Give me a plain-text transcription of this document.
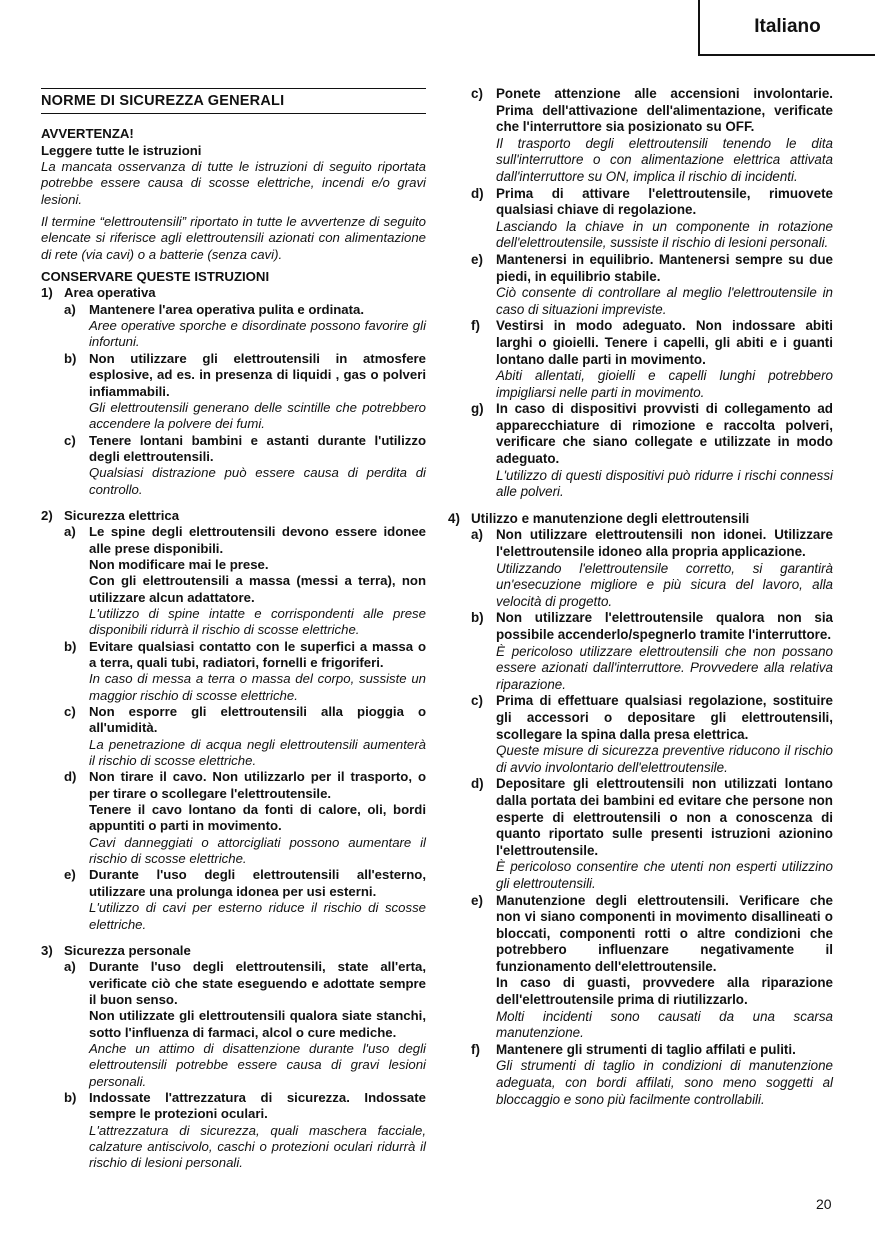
Italiano
NORME DI SICUREZZA GENERALI

AVVERTENZA!

Leggere tutte le istruzioni

La mancata osservanza di tutte le istruzioni di seguito riportata potrebbe essere causa di scosse elettriche, incendi e/o gravi lesioni.

Il termine “elettroutensili” riportato in tutte le avvertenze di seguito elencate si riferisce agli elettroutensili azionati con alimentazione di rete (via cavi) o a batterie (senza cavi).

CONSERVARE QUESTE ISTRUZIONI

1) Area operativa
a)	Mantenere l'area operativa pulita e ordinata.

Aree operative sporche e disordinate possono favorire gli infortuni.

b) Non utilizzare gli elettroutensili in atmosfere esplosive, ad es. in presenza di liquidi , gas o polveri infiammabili.

Gli elettroutensili generano delle scintille che potrebbero accendere la polvere dei fumi.

c)	Tenere lontani bambini e astanti durante l'utilizzo degli elettroutensili.

Qualsiasi distrazione può essere causa di perdita di controllo.

2) Sicurezza elettrica
a)	Le spine degli elettroutensili devono essere idonee alle prese disponibili.

Non modificare mai le prese.

Con gli elettroutensili a massa (messi a terra), non utilizzare alcun adattatore.

L'utilizzo di spine intatte e corrispondenti alle prese disponibili ridurrà il rischio di scosse elettriche.

b) Evitare qualsiasi contatto con le superfici a massa o a terra, quali tubi, radiatori, fornelli e frigoriferi.

In caso di messa a terra o massa del corpo, sussiste un maggior rischio di scosse elettriche.

c)	Non esporre gli elettroutensili alla pioggia o all'umidità.

La penetrazione di acqua negli elettroutensili aumenterà il rischio di scosse elettriche.

d) Non tirare il cavo. Non utilizzarlo per il trasporto, o per tirare o scollegare l'elettroutensile.

Tenere il cavo lontano da fonti di calore, oli, bordi appuntiti o parti in movimento.

Cavi danneggiati o attorcigliati possono aumentare il rischio di scosse elettriche.

e)	Durante l'uso degli elettroutensili all'esterno, utilizzare una prolunga idonea per usi esterni.

L'utilizzo di cavi per esterno riduce il rischio di scosse elettriche.

3) Sicurezza personale
a)	Durante l'uso degli elettroutensili, state all'erta, verificate ciò che state eseguendo e adottate sempre il buon senso.

Non utilizzate gli elettroutensili qualora siate stanchi, sotto l'influenza di farmaci, alcol o cure mediche.

Anche un attimo di disattenzione durante l'uso degli elettroutensili potrebbe essere causa di gravi lesioni personali.

b) Indossate l'attrezzatura di sicurezza. Indossate sempre le protezioni oculari.

L'attrezzatura di sicurezza, quali maschera facciale, calzature antiscivolo, caschi o protezioni oculari ridurrà il rischio di lesioni personali.

c) Ponete attenzione alle accensioni involontarie. Prima dell'attivazione dell'alimentazione, verificate che l'interruttore sia posizionato su OFF.

Il trasporto degli elettroutensili tenendo le dita sull'interruttore o con alimentazione elettrica attivata dall'interruttore su ON, implica il rischio di incidenti.

d) Prima di attivare l'elettroutensile, rimuovete qualsiasi chiave di regolazione.

Lasciando la chiave in un componente in rotazione dell'elettroutensile, sussiste il rischio di lesioni personali.

e) Mantenersi in equilibrio. Mantenersi sempre su due piedi, in equilibrio stabile.

Ciò consente di controllare al meglio l'elettroutensile in caso di situazioni impreviste.

f)	Vestirsi in modo adeguato. Non indossare abiti larghi o gioielli. Tenere i capelli, gli abiti e i guanti lontano dalle parti in movimento.

Abiti allentati, gioielli e capelli lunghi potrebbero impigliarsi nelle parti in movimento.

g) In caso di dispositivi provvisti di collegamento ad apparecchiature di rimozione e raccolta polveri, verificare che siano collegate e utilizzate in modo adeguato.

L'utilizzo di questi dispositivi può ridurre i rischi connessi alle polveri.

4) Utilizzo e manutenzione degli elettroutensili
a) Non utilizzare elettroutensili non idonei. Utilizzare l'elettroutensile idoneo alla propria applicazione.

Utilizzando l'elettroutensile corretto, si garantirà un'esecuzione migliore e più sicura del lavoro, alla velocità di progetto.

b) Non utilizzare l'elettroutensile qualora non sia possibile accenderlo/spegnerlo tramite l'interruttore.

È pericoloso utilizzare elettroutensili che non possano essere azionati dall'interruttore. Provvedere alla relativa riparazione.

c) Prima di effettuare qualsiasi regolazione, sostituire gli accessori o depositare gli elettroutensili, scollegare la spina dalla presa elettrica.

Queste misure di sicurezza preventive riducono il rischio di avvio involontario dell'elettroutensile.

d) Depositare gli elettroutensili non utilizzati lontano dalla portata dei bambini ed evitare che persone non esperte di elettroutensili o non a conoscenza di quanto riportato sulle presenti istruzioni azionino l'elettroutensile.

È pericoloso consentire che utenti non esperti utilizzino gli elettroutensili.

e) Manutenzione degli elettroutensili. Verificare che non vi siano componenti in movimento disallineati o bloccati, componenti rotti o altre condizioni che potrebbero influenzare negativamente il funzionamento dell'elettroutensile.

In caso di guasti, provvedere alla riparazione dell'elettroutensile prima di riutilizzarlo.

Molti incidenti sono causati da una scarsa manutenzione.

f)	Mantenere gli strumenti di taglio affilati e puliti.

Gli strumenti di taglio in condizioni di manutenzione adeguata, con bordi affilati, sono meno soggetti al bloccaggio e sono più facilmente controllabili.

20
